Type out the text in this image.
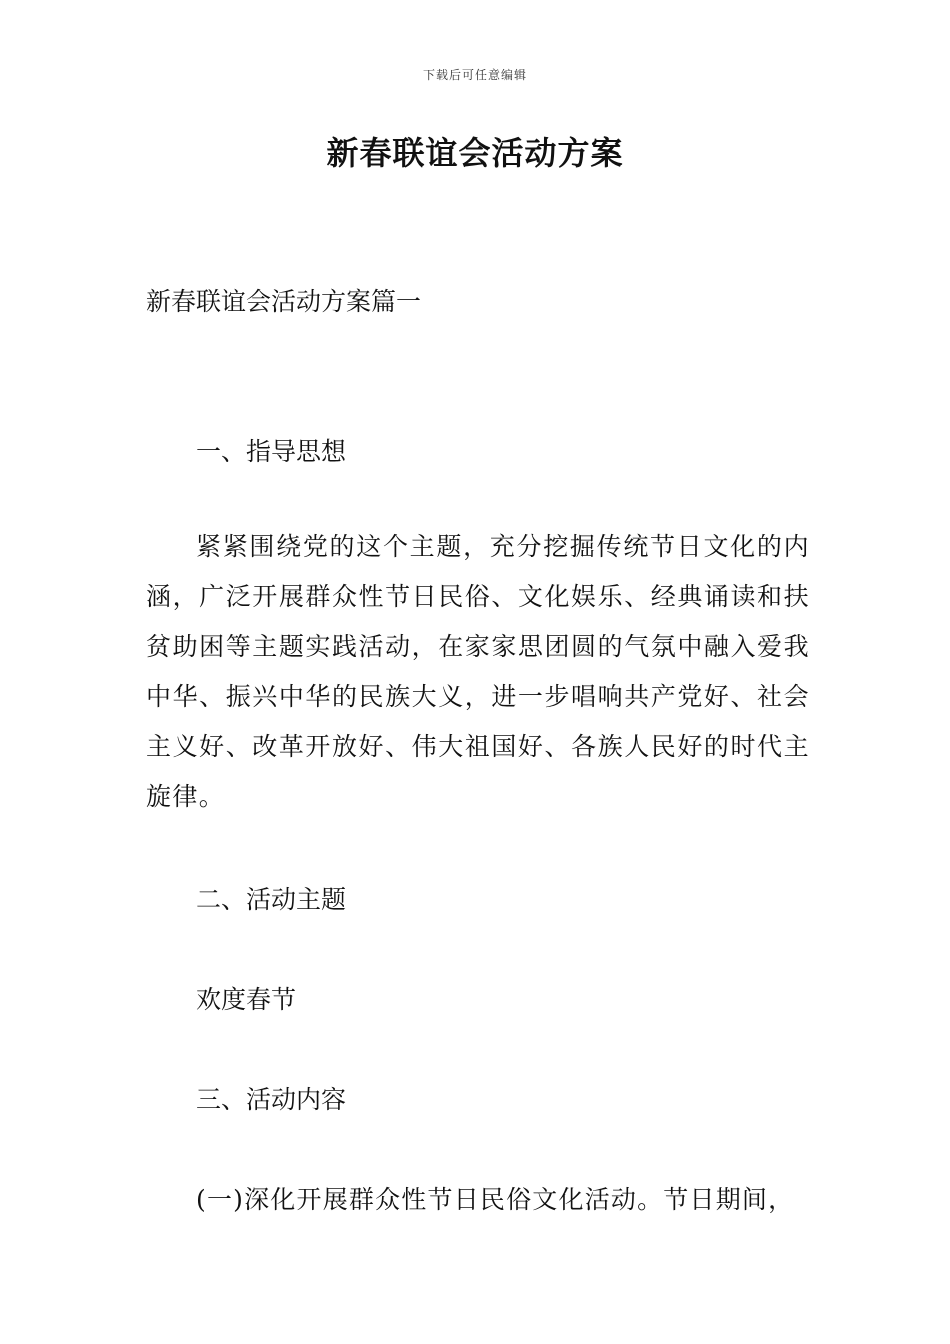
下载后可任意编辑
新春联谊会活动方案
新春联谊会活动方案篇一
一、指导思想
紧紧围绕党的这个主题，充分挖掘传统节日文化的内涵，广泛开展群众性节日民俗、文化娱乐、经典诵读和扶贫助困等主题实践活动，在家家思团圆的气氛中融入爱我中华、振兴中华的民族大义，进一步唱响共产党好、社会主义好、改革开放好、伟大祖国好、各族人民好的时代主旋律。
二、活动主题
欢度春节
三、活动内容
(一)深化开展群众性节日民俗文化活动。节日期间，
